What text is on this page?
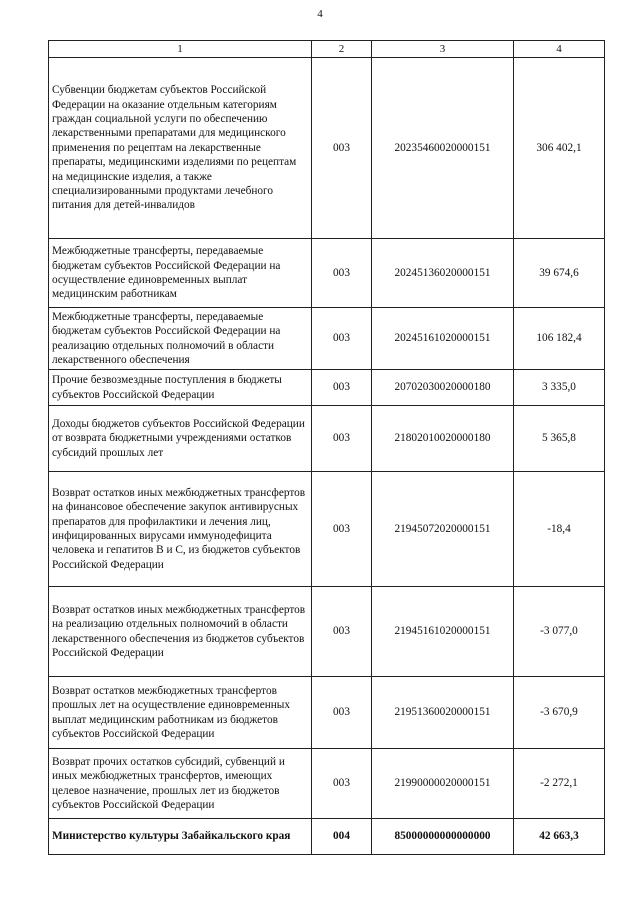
4
1	2	3	4
Субвенции бюджетам субъектов Российской Федерации на оказание отдельным категориям граждан социальной услуги по обеспечению лекарственными препаратами для медицинского применения по рецептам на лекарственные препараты, медицинскими изделиями по рецептам на медицинские изделия, а также специализированными продуктами лечебного питания для детей-инвалидов	003	20235460020000151	306 402,1
Межбюджетные трансферты, передаваемые бюджетам субъектов Российской Федерации на осуществление единовременных выплат медицинским работникам	003	20245136020000151	39 674,6
Межбюджетные трансферты, передаваемые бюджетам субъектов Российской Федерации на реализацию отдельных полномочий в области лекарственного обеспечения	003	20245161020000151	106 182,4
Прочие безвозмездные поступления в бюджеты субъектов Российской Федерации	003	20702030020000180	3 335,0
Доходы бюджетов субъектов Российской Федерации от возврата бюджетными учреждениями остатков субсидий прошлых лет	003	21802010020000180	5 365,8
Возврат остатков иных межбюджетных трансфертов на финансовое обеспечение закупок антивирусных препаратов для профилактики и лечения лиц, инфицированных вирусами иммунодефицита человека и гепатитов B и C, из бюджетов субъектов Российской Федерации	003	21945072020000151	-18,4
Возврат остатков иных межбюджетных трансфертов на реализацию отдельных полномочий в области лекарственного обеспечения из бюджетов субъектов Российской Федерации	003	21945161020000151	-3 077,0
Возврат остатков межбюджетных трансфертов прошлых лет на осуществление единовременных выплат медицинским работникам из бюджетов субъектов Российской Федерации	003	21951360020000151	-3 670,9
Возврат прочих остатков субсидий, субвенций и иных межбюджетных трансфертов, имеющих целевое назначение, прошлых лет из бюджетов субъектов Российской Федерации	003	21990000020000151	-2 272,1
Министерство культуры Забайкальского края	004	85000000000000000	42 663,3
